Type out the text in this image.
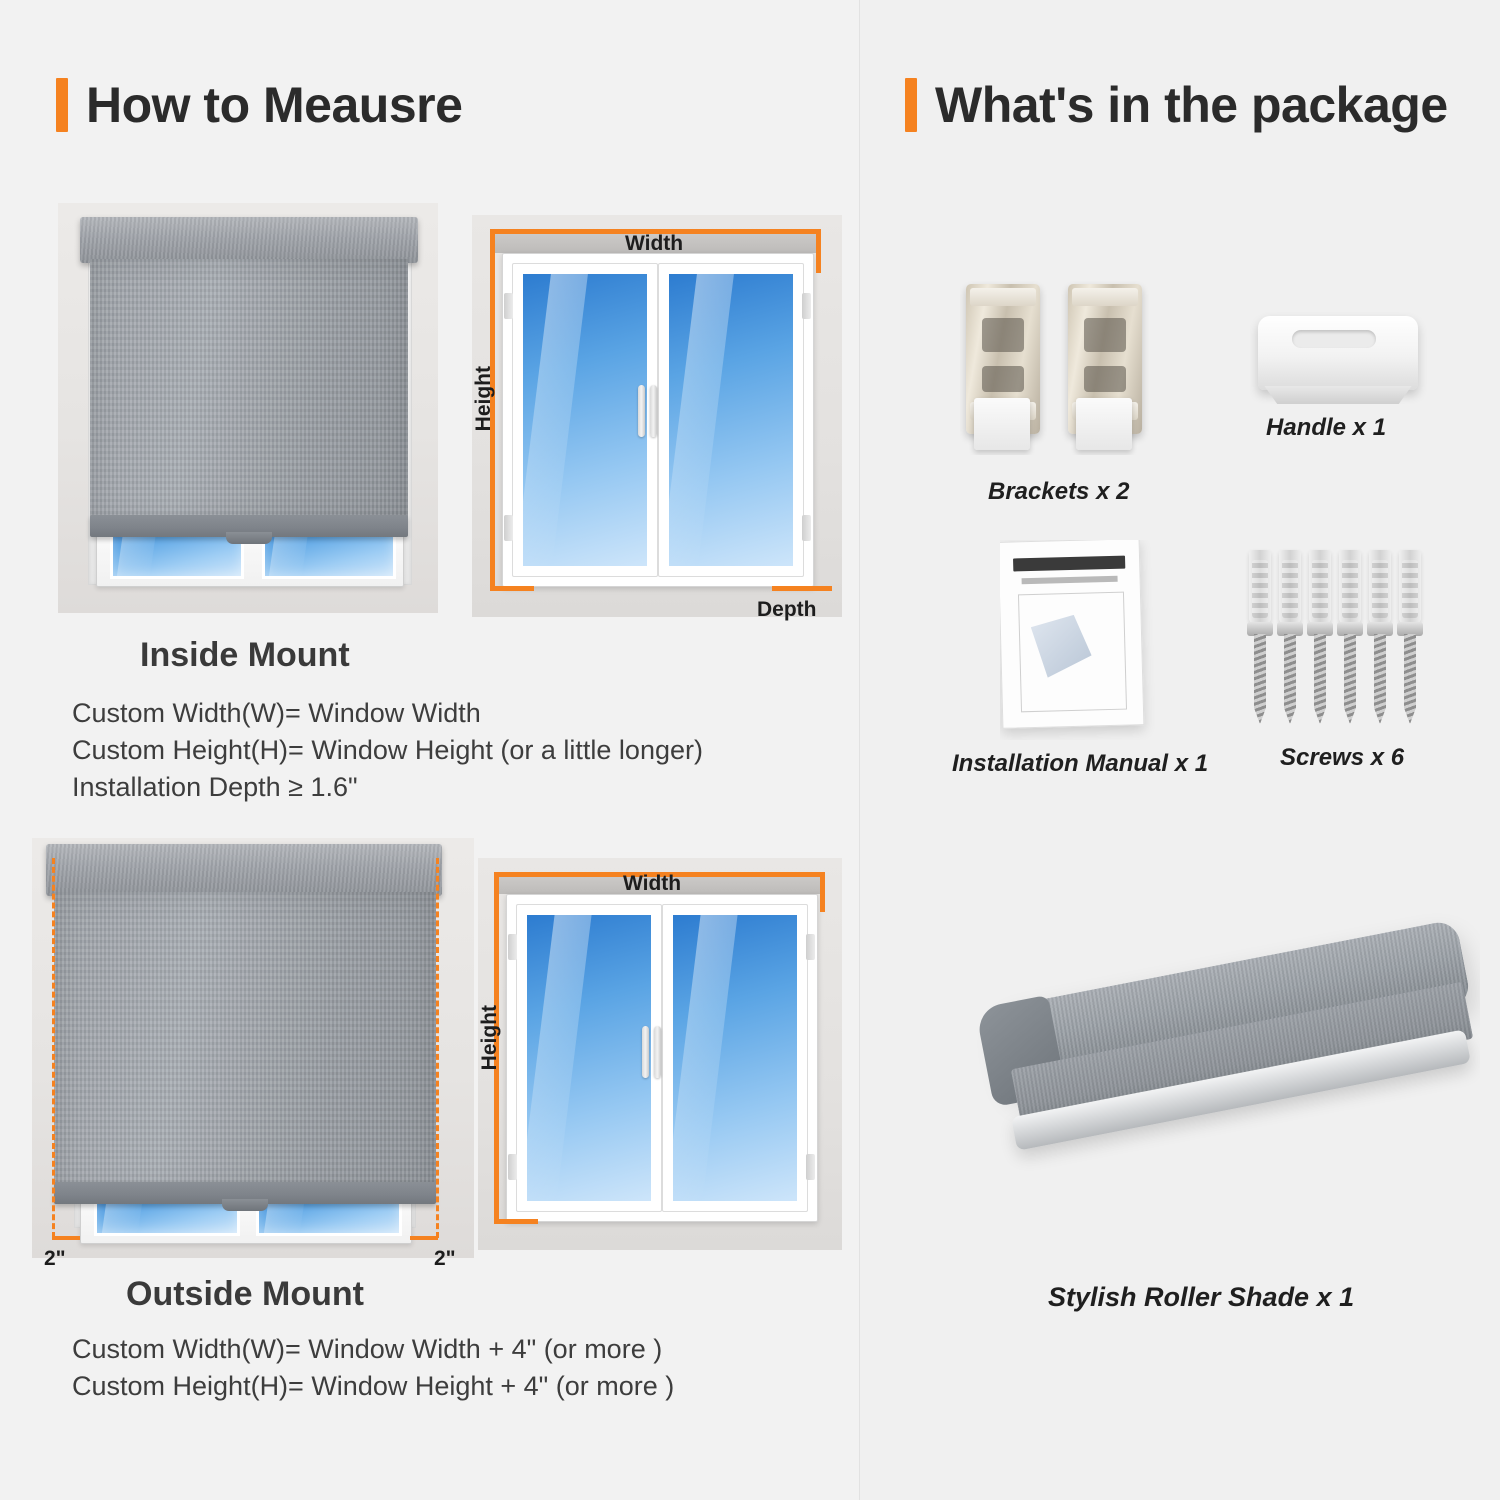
How to Meausre	What's in the package
Width
Height
Depth
Inside Mount
Custom Width(W)= Window Width
Custom Height(H)= Window Height (or a little longer)
Installation Depth ≥ 1.6"
2"	2"
Width
Height
Outside Mount
Custom Width(W)= Window Width + 4" (or more )
Custom Height(H)= Window Height + 4" (or more )
Brackets x 2
Handle x 1
Installation Manual x 1	Screws x 6
Stylish Roller Shade x 1
